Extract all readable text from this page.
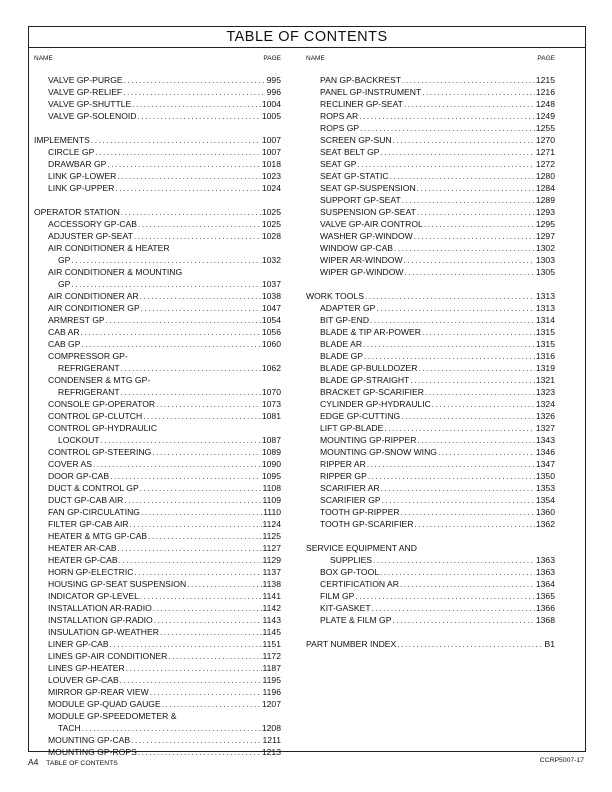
TABLE OF CONTENTS
NAME	PAGE
VALVE GP-PURGE . . .	995
VALVE GP-RELIEF . . .	996
VALVE GP-SHUTTLE . . .	1004
VALVE GP-SOLENOID . . .	1005
IMPLEMENTS . . .	1007
CIRCLE GP . . .	1007
DRAWBAR GP . . .	1018
LINK GP-LOWER . . .	1023
LINK GP-UPPER . . .	1024
OPERATOR STATION . . .	1025
ACCESSORY GP-CAB . . .	1025
ADJUSTER GP-SEAT . . .	1028
AIR CONDITIONER & HEATER
GP . . .	1032
AIR CONDITIONER & MOUNTING
GP . . .	1037
AIR CONDITIONER AR . . .	1038
AIR CONDITIONER GP . . .	1047
ARMREST GP . . .	1054
CAB AR . . .	1056
CAB GP . . .	1060
COMPRESSOR GP-
REFRIGERANT . . .	1062
CONDENSER & MTG GP-
REFRIGERANT . . .	1070
CONSOLE GP-OPERATOR . . .	1073
CONTROL GP-CLUTCH . . .	1081
CONTROL GP-HYDRAULIC
LOCKOUT . . .	1087
CONTROL GP-STEERING . . .	1089
COVER AS . . .	1090
DOOR GP-CAB . . .	1095
DUCT & CONTROL GP . . .	1108
DUCT GP-CAB AIR . . .	1109
FAN GP-CIRCULATING . . .	1110
FILTER GP-CAB AIR . . .	1124
HEATER & MTG GP-CAB . . .	1125
HEATER AR-CAB . . .	1127
HEATER GP-CAB . . .	1129
HORN GP-ELECTRIC . . .	1137
HOUSING GP-SEAT SUSPENSION . . .	1138
INDICATOR GP-LEVEL . . .	1141
INSTALLATION AR-RADIO . . .	1142
INSTALLATION GP-RADIO . . .	1143
INSULATION GP-WEATHER . . .	1145
LINER GP-CAB . . .	1151
LINES GP-AIR CONDITIONER . . .	1172
LINES GP-HEATER . . .	1187
LOUVER GP-CAB . . .	1195
MIRROR GP-REAR VIEW . . .	1196
MODULE GP-QUAD GAUGE . . .	1207
MODULE GP-SPEEDOMETER &
TACH . . .	1208
MOUNTING GP-CAB . . .	1211
MOUNTING GP-ROPS . . .	1213
NAME	PAGE
PAN GP-BACKREST . . .	1215
PANEL GP-INSTRUMENT . . .	1216
RECLINER GP-SEAT . . .	1248
ROPS AR . . .	1249
ROPS GP . . .	1255
SCREEN GP-SUN . . .	1270
SEAT BELT GP . . .	1271
SEAT GP . . .	1272
SEAT GP-STATIC . . .	1280
SEAT GP-SUSPENSION . . .	1284
SUPPORT GP-SEAT . . .	1289
SUSPENSION GP-SEAT . . .	1293
VALVE GP-AIR CONTROL . . .	1295
WASHER GP-WINDOW . . .	1297
WINDOW GP-CAB . . .	1302
WIPER AR-WINDOW . . .	1303
WIPER GP-WINDOW . . .	1305
WORK TOOLS . . .	1313
ADAPTER GP . . .	1313
BIT GP-END . . .	1314
BLADE & TIP AR-POWER . . .	1315
BLADE AR . . .	1315
BLADE GP . . .	1316
BLADE GP-BULLDOZER . . .	1319
BLADE GP-STRAIGHT . . .	1321
BRACKET GP-SCARIFIER . . .	1323
CYLINDER GP-HYDRAULIC . . .	1324
EDGE GP-CUTTING . . .	1326
LIFT GP-BLADE . . .	1327
MOUNTING GP-RIPPER . . .	1343
MOUNTING GP-SNOW WING . . .	1346
RIPPER AR . . .	1347
RIPPER GP . . .	1350
SCARIFIER AR . . .	1353
SCARIFIER GP . . .	1354
TOOTH GP-RIPPER . . .	1360
TOOTH GP-SCARIFIER . . .	1362
SERVICE EQUIPMENT AND
SUPPLIES . . .	1363
BOX GP-TOOL . . .	1363
CERTIFICATION AR . . .	1364
FILM GP . . .	1365
KIT-GASKET . . .	1366
PLATE & FILM GP . . .	1368
PART NUMBER INDEX . . .	B1
A4 TABLE OF CONTENTS	CCRP5007-17
